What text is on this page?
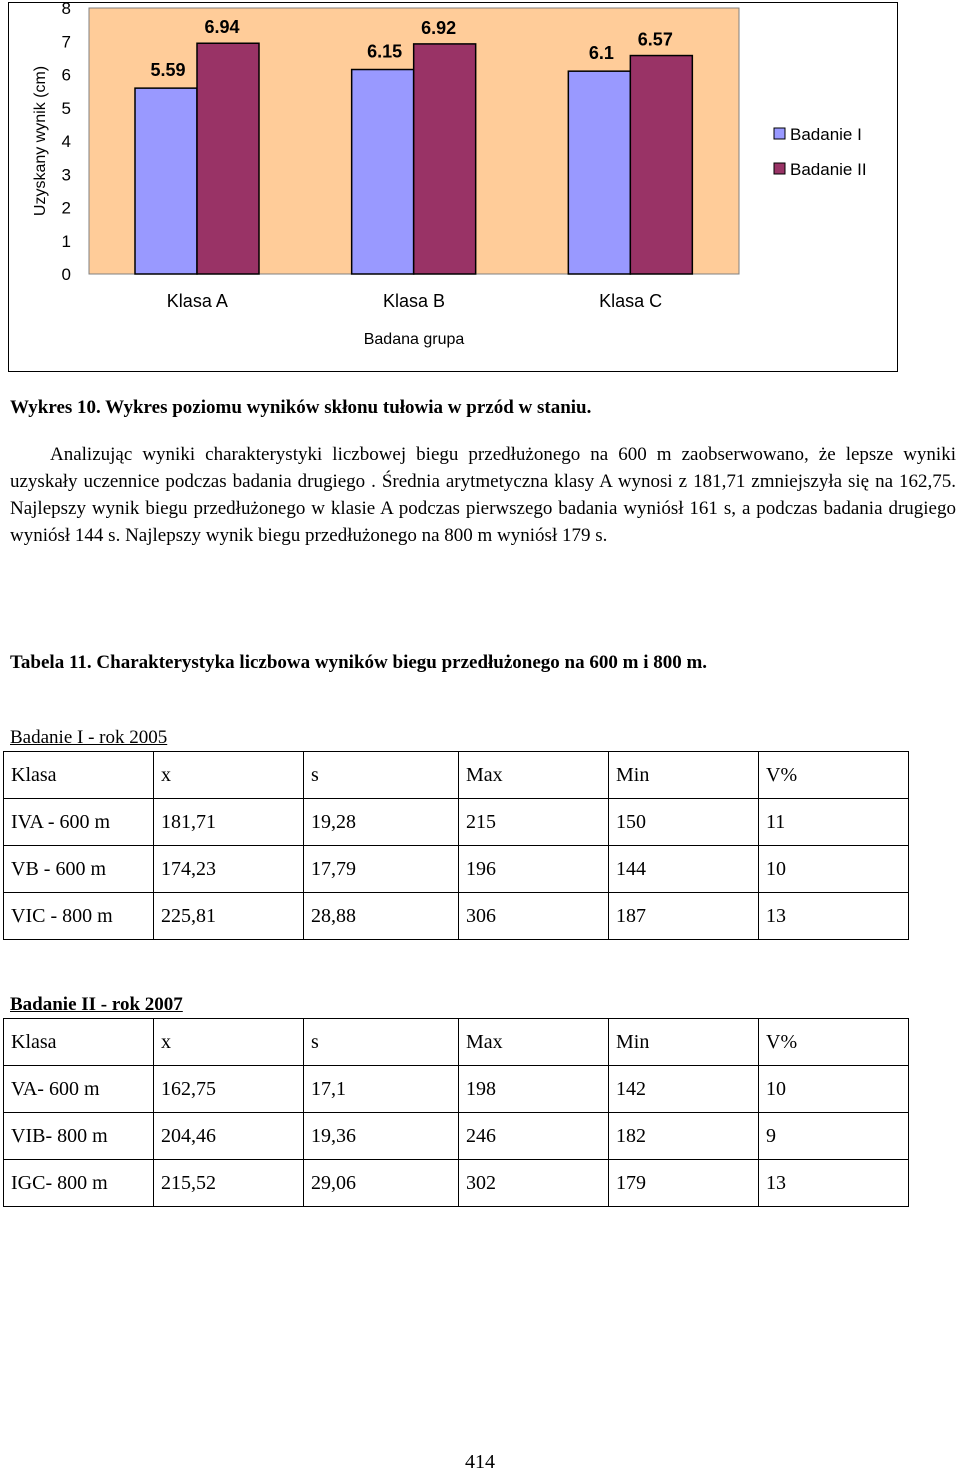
0
1
2
3
4
5
6
7
8
Uzyskany wynik (cm)	5.59
6.94
Klasa A
6.15
6.92
Klasa B
6.1
6.57
Klasa C
Badana grupa
Badanie I
Badanie II
Wykres 10. Wykres poziomu wyników skłonu tułowia w przód w staniu.

Analizując wyniki charakterystyki liczbowej biegu przedłużonego na 600 m zaobserwowano, że lepsze wyniki uzyskały uczennice podczas badania drugiego . Średnia arytmetyczna klasy A wynosi z 181,71 zmniejszyła się na 162,75. Najlepszy wynik biegu przedłużonego w klasie A podczas pierwszego badania wyniósł 161 s, a podczas badania drugiego wyniósł 144 s. Najlepszy wynik biegu przedłużonego na 800 m wyniósł 179 s.

Tabela 11. Charakterystyka liczbowa wyników biegu przedłużonego na 600 m i 800 m.
Badanie I - rok 2005
Klasa	x	s	Max	Min	V%
IVA - 600 m	181,71	19,28	215	150	11
VB - 600 m	174,23	17,79	196	144	10
VIC - 800 m	225,81	28,88	306	187	13
Badanie II - rok 2007
Klasa	x	s	Max	Min	V%
VA- 600 m	162,75	17,1	198	142	10
VIB- 800 m	204,46	19,36	246	182	9
IGC- 800 m	215,52	29,06	302	179	13
414
